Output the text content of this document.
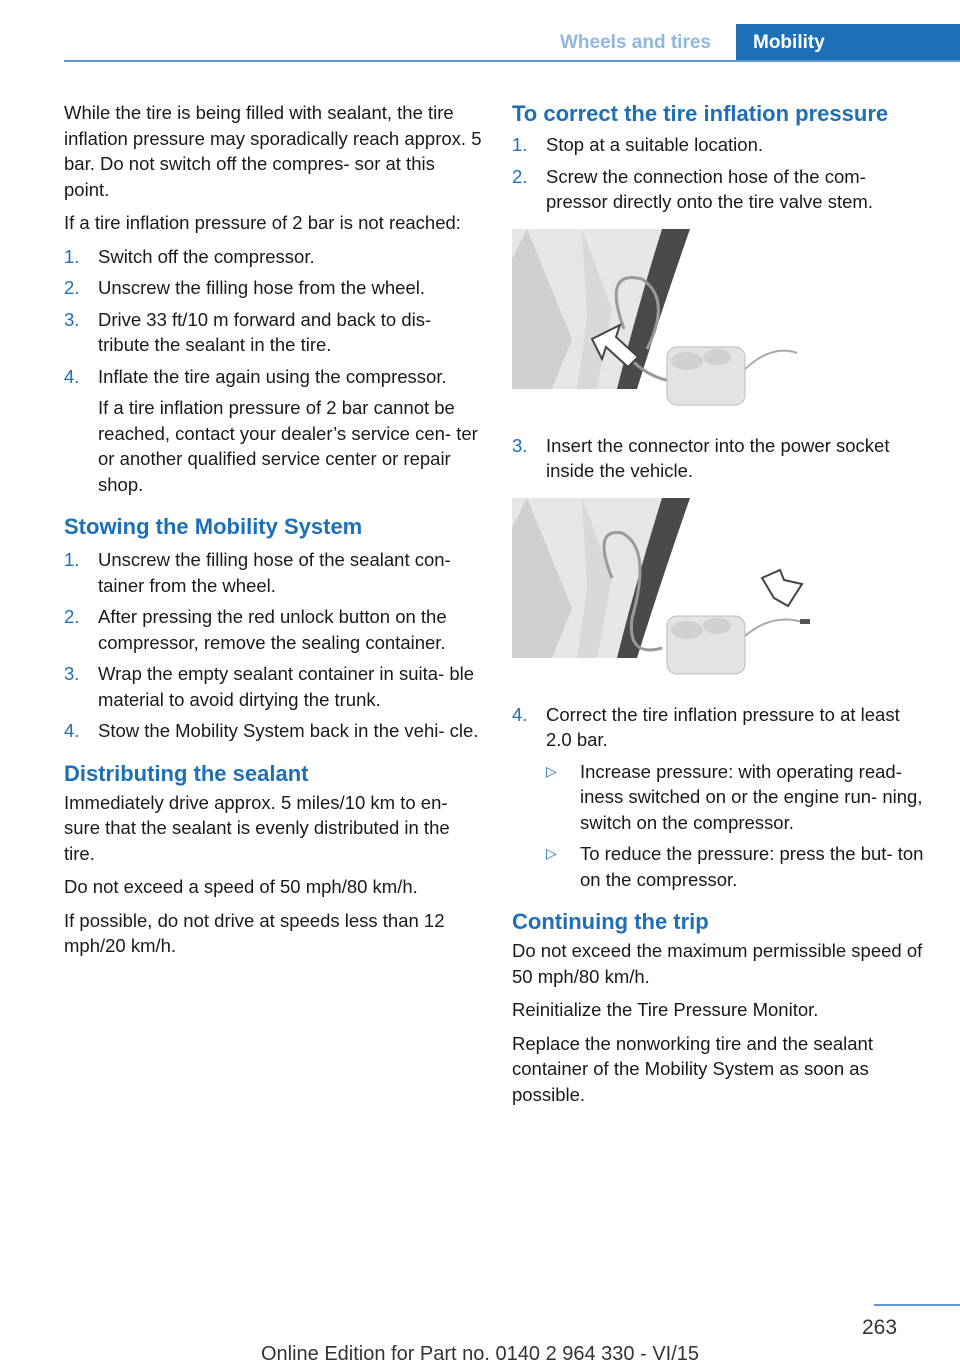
Wheels and tires	Mobility

While the tire is being filled with sealant, the tire inflation pressure may sporadically reach approx. 5 bar. Do not switch off the compres‐ sor at this point.

If a tire inflation pressure of 2 bar is not reached:

1. Switch off the compressor.
2. Unscrew the filling hose from the wheel.
3. Drive 33 ft/10 m forward and back to dis‐ tribute the sealant in the tire.
4. Inflate the tire again using the compressor.

If a tire inflation pressure of 2 bar cannot be reached, contact your dealer’s service cen‐ ter or another qualified service center or repair shop.

Stowing the Mobility System
1. Unscrew the filling hose of the sealant con‐ tainer from the wheel.
2. After pressing the red unlock button on the compressor, remove the sealing container.
3. Wrap the empty sealant container in suita‐ ble material to avoid dirtying the trunk.
4. Stow the Mobility System back in the vehi‐ cle.
Distributing the sealant

Immediately drive approx. 5 miles/10 km to en‐ sure that the sealant is evenly distributed in the tire.

Do not exceed a speed of 50 mph/80 km/h.

If possible, do not drive at speeds less than 12 mph/20 km/h.

To correct the tire inflation pressure
1. Stop at a suitable location.
2. Screw the connection hose of the com‐ pressor directly onto the tire valve stem.
3. Insert the connector into the power socket inside the vehicle.
4. Correct the tire inflation pressure to at least 2.0 bar.
▷ Increase pressure: with operating read‐ iness switched on or the engine run‐ ning, switch on the compressor.
▷ To reduce the pressure: press the but‐ ton on the compressor.
Continuing the trip

Do not exceed the maximum permissible speed of 50 mph/80 km/h.

Reinitialize the Tire Pressure Monitor.

Replace the nonworking tire and the sealant container of the Mobility System as soon as possible.

263
Online Edition for Part no. 0140 2 964 330 - VI/15
